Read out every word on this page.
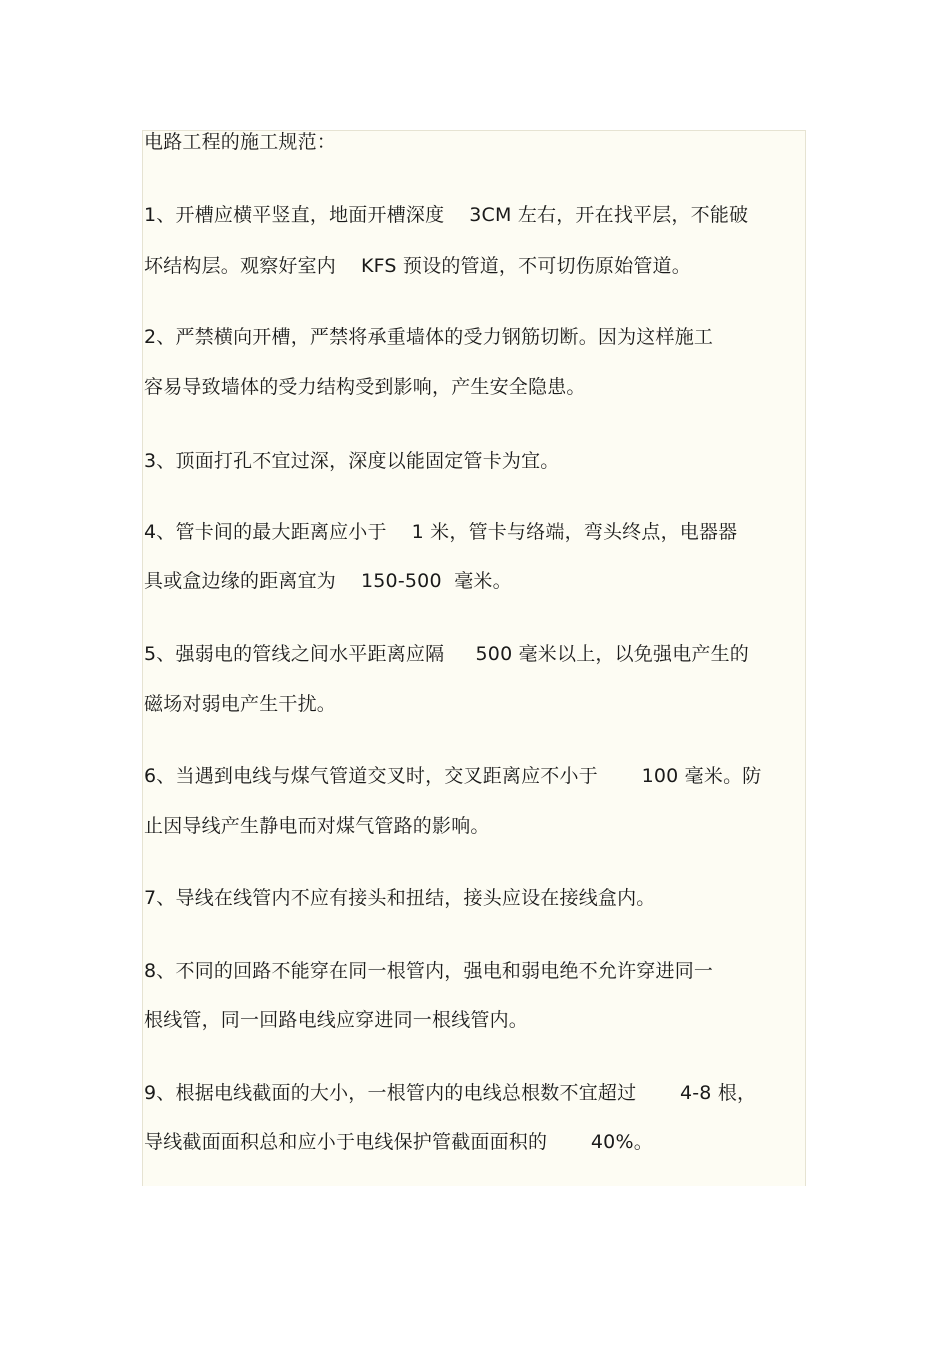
电路工程的施工规范：
1、开槽应横平竖直，地面开槽深度    3CM 左右，开在找平层，不能破
坏结构层。观察好室内    KFS 预设的管道，不可切伤原始管道。
2、严禁横向开槽，严禁将承重墙体的受力钢筋切断。因为这样施工
容易导致墙体的受力结构受到影响，产生安全隐患。
3、顶面打孔不宜过深，深度以能固定管卡为宜。
4、管卡间的最大距离应小于    1 米，管卡与络端，弯头终点，电器器
具或盒边缘的距离宜为    150-500  毫米。
5、强弱电的管线之间水平距离应隔     500 毫米以上，以免强电产生的
磁场对弱电产生干扰。
6、当遇到电线与煤气管道交叉时，交叉距离应不小于       100 毫米。防
止因导线产生静电而对煤气管路的影响。
7、导线在线管内不应有接头和扭结，接头应设在接线盒内。
8、不同的回路不能穿在同一根管内，强电和弱电绝不允许穿进同一
根线管，同一回路电线应穿进同一根线管内。
9、根据电线截面的大小，一根管内的电线总根数不宜超过       4-8 根，
导线截面面积总和应小于电线保护管截面面积的       40%。
